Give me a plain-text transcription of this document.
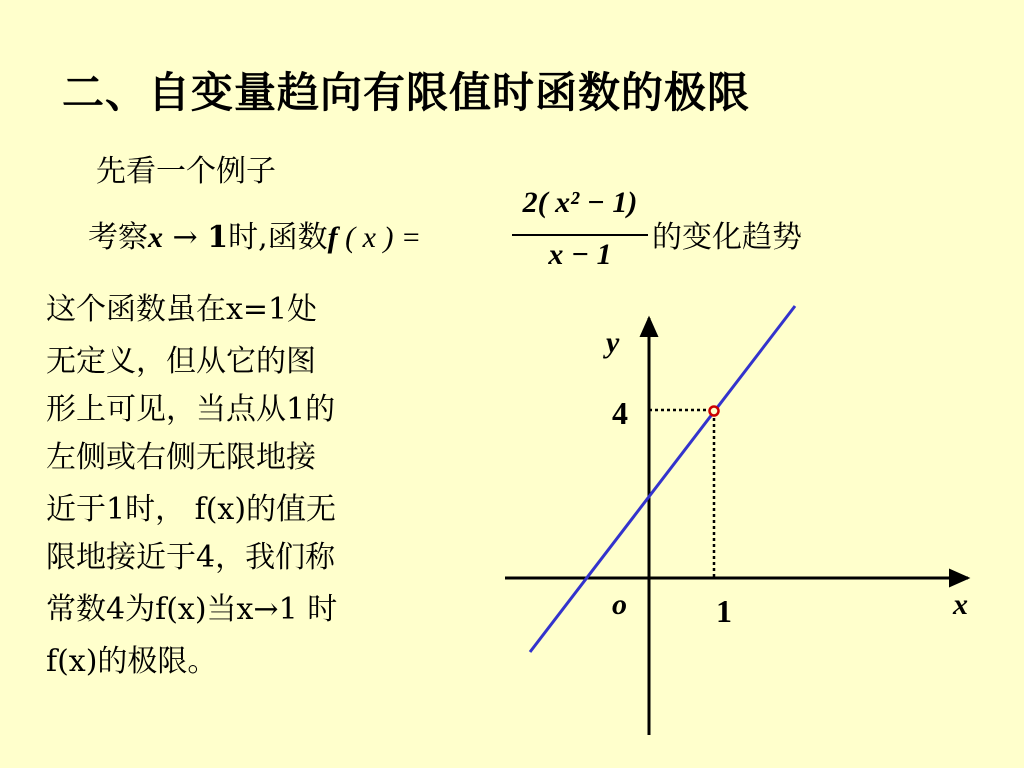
二、自变量趋向有限值时函数的极限
先看一个例子
考察x → 1时,函数f ( x ) =
2( x² − 1)
x − 1	的变化趋势
这个函数虽在x=1处
无定义，但从它的图
形上可见，当点从1的
左侧或右侧无限地接
近于1时， f(x)的值无
限地接近于4，我们称
常数4为f(x)当x→1 时
f(x)的极限。
y
x
o
4
1
